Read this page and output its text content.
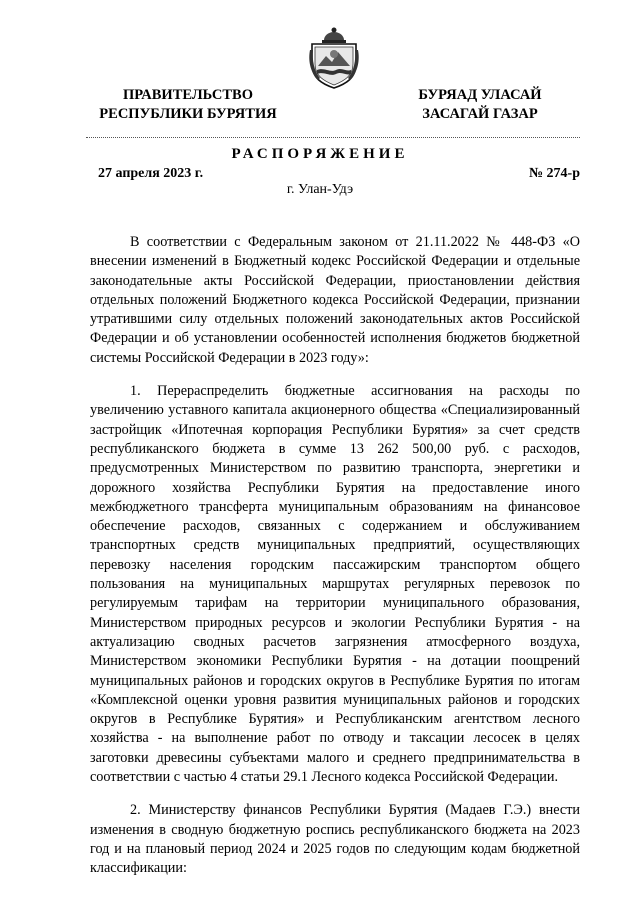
ПРАВИТЕЛЬСТВО
РЕСПУБЛИКИ БУРЯТИЯ
БУРЯАД УЛАСАЙ
ЗАСАГАЙ ГАЗАР
РАСПОРЯЖЕНИЕ
27 апреля 2023 г.	№ 274-р
г. Улан-Удэ

В соответствии с Федеральным законом от 21.11.2022 № 448-ФЗ «О внесении изменений в Бюджетный кодекс Российской Федерации и отдельные законодательные акты Российской Федерации, приостановлении действия отдельных положений Бюджетного кодекса Российской Федерации, признании утратившими силу отдельных положений законодательных актов Российской Федерации и об установлении особенностей исполнения бюджетов бюджетной системы Российской Федерации в 2023 году»:

1. Перераспределить бюджетные ассигнования на расходы по увеличению уставного капитала акционерного общества «Специализированный застройщик «Ипотечная корпорация Республики Бурятия» за счет средств республиканского бюджета в сумме 13 262 500,00 руб. с расходов, предусмотренных Министерством по развитию транспорта, энергетики и дорожного хозяйства Республики Бурятия на предоставление иного межбюджетного трансферта муниципальным образованиям на финансовое обеспечение расходов, связанных с содержанием и обслуживанием транспортных средств муниципальных предприятий, осуществляющих перевозку населения городским пассажирским транспортом общего пользования на муниципальных маршрутах регулярных перевозок по регулируемым тарифам на территории муниципального образования, Министерством природных ресурсов и экологии Республики Бурятия - на актуализацию сводных расчетов загрязнения атмосферного воздуха, Министерством экономики Республики Бурятия - на дотации поощрений муниципальных районов и городских округов в Республике Бурятия по итогам «Комплексной оценки уровня развития муниципальных районов и городских округов в Республике Бурятия» и Республиканским агентством лесного хозяйства - на выполнение работ по отводу и таксации лесосек в целях заготовки древесины субъектами малого и среднего предпринимательства в соответствии с частью 4 статьи 29.1 Лесного кодекса Российской Федерации.

2. Министерству финансов Республики Бурятия (Мадаев Г.Э.) внести изменения в сводную бюджетную роспись республиканского бюджета на 2023 год и на плановый период 2024 и 2025 годов по следующим кодам бюджетной классификации:
